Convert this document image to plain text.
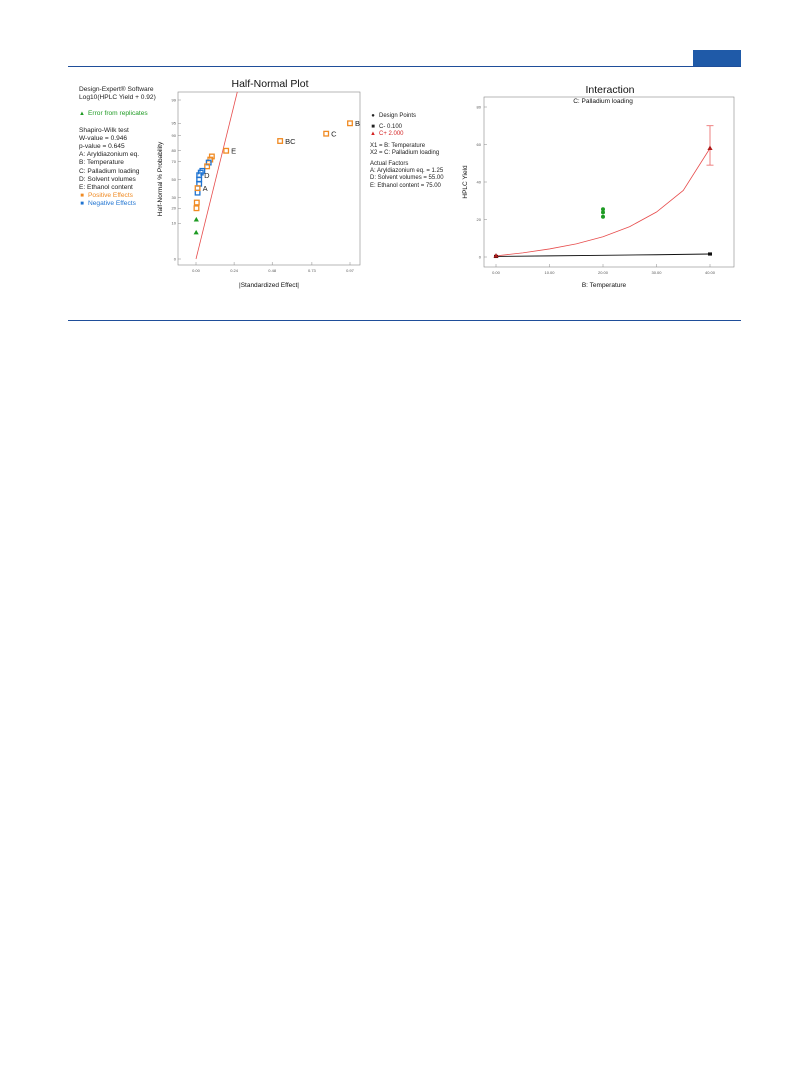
Design-Expert® Software
Log10(HPLC Yield + 0.92)
▲ Error from replicates
Shapiro-Wilk test
W-value = 0.946
p-value = 0.645
A: Aryldiazonium eq.
B: Temperature
C: Palladium loading
D: Solvent volumes
E: Ethanol content
■ Positive Effects
■ Negative Effects
Half-Normal Plot
0
10
20
30
50
70
80
90
95
99
0.00	0.24	0.48	0.73	0.97
B
C
BC
E
D
A
|Standardized Effect|
Half-Normal % Probability
● Design Points
■ C- 0.100
▲ C+ 2.000
X1 = B: Temperature
X2 = C: Palladium loading
Actual Factors
A: Aryldiazonium eq. = 1.25
D: Solvent volumes = 55.00
E: Ethanol content = 75.00
Interaction
C: Palladium loading
0
20
40
60
80
0.00	10.00	20.00	30.00	40.00
B: Temperature
HPLC Yield
